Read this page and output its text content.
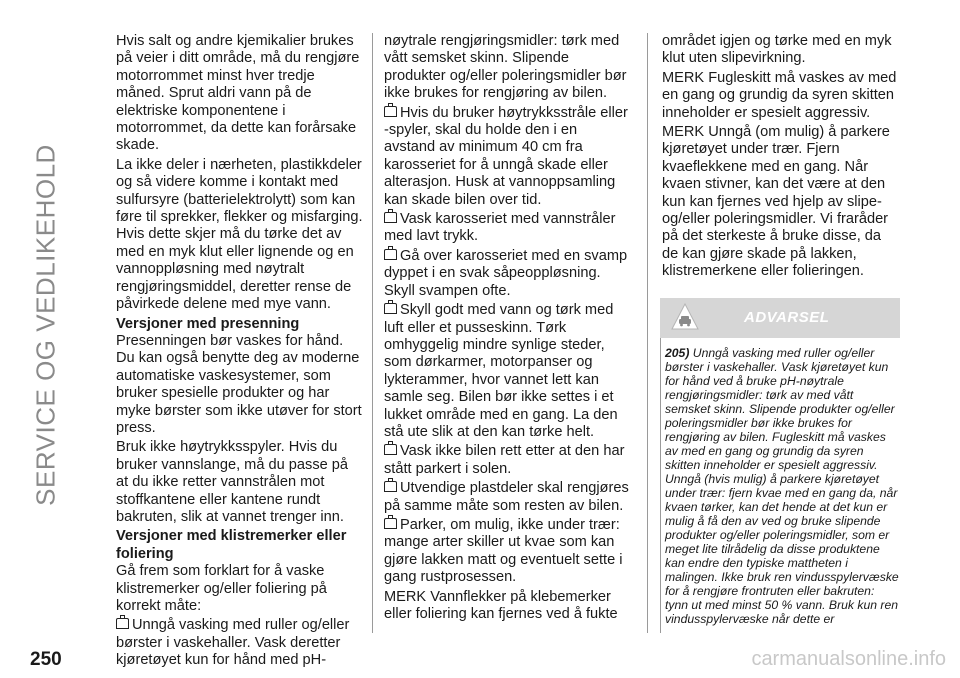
SERVICE OG VEDLIKEHOLD

Hvis salt og andre kjemikalier brukes på veier i ditt område, må du rengjøre motorrommet minst hver tredje måned. Sprut aldri vann på de elektriske komponentene i motorrommet, da dette kan forårsake skade.

La ikke deler i nærheten, plastikkdeler og så videre komme i kontakt med sulfursyre (batterielektrolytt) som kan føre til sprekker, flekker og misfarging. Hvis dette skjer må du tørke det av med en myk klut eller lignende og en vannoppløsning med nøytralt rengjøringsmiddel, deretter rense de påvirkede delene med mye vann.

Versjoner med presenning

Presenningen bør vaskes for hånd. Du kan også benytte deg av moderne automatiske vaskesystemer, som bruker spesielle produkter og har myke børster som ikke utøver for stort press.

Bruk ikke høytrykksspyler. Hvis du bruker vannslange, må du passe på at du ikke retter vannstrålen mot stoffkantene eller kantene rundt bakruten, slik at vannet trenger inn.

Versjoner med klistremerker eller foliering

Gå frem som forklart for å vaske klistremerker og/eller foliering på korrekt måte:

Unngå vasking med ruller og/eller børster i vaskehaller. Vask deretter kjøretøyet kun for hånd med pH-

nøytrale rengjøringsmidler: tørk med vått semsket skinn. Slipende produkter og/eller poleringsmidler bør ikke brukes for rengjøring av bilen.

Hvis du bruker høytrykksstråle eller -spyler, skal du holde den i en avstand av minimum 40 cm fra karosseriet for å unngå skade eller alterasjon. Husk at vannoppsamling kan skade bilen over tid.

Vask karosseriet med vannstråler med lavt trykk.

Gå over karosseriet med en svamp dyppet i en svak såpeoppløsning. Skyll svampen ofte.

Skyll godt med vann og tørk med luft eller et pusseskinn. Tørk omhyggelig mindre synlige steder, som dørkarmer, motorpanser og lykterammer, hvor vannet lett kan samle seg. Bilen bør ikke settes i et lukket område med en gang. La den stå ute slik at den kan tørke helt.

Vask ikke bilen rett etter at den har stått parkert i solen.

Utvendige plastdeler skal rengjøres på samme måte som resten av bilen.

Parker, om mulig, ikke under trær: mange arter skiller ut kvae som kan gjøre lakken matt og eventuelt sette i gang rustprosessen.

MERK Vannflekker på klebemerker eller foliering kan fjernes ved å fukte

området igjen og tørke med en myk klut uten slipevirkning.

MERK Fugleskitt må vaskes av med en gang og grundig da syren skitten inneholder er spesielt aggressiv.

MERK Unngå (om mulig) å parkere kjøretøyet under trær. Fjern kvaeflekkene med en gang. Når kvaen stivner, kan det være at den kun kan fjernes ved hjelp av slipe- og/eller poleringsmidler. Vi fraråder på det sterkeste å bruke disse, da de kan gjøre skade på lakken, klistremerkene eller folieringen.

ADVARSEL
205) Unngå vasking med ruller og/eller børster i vaskehaller. Vask kjøretøyet kun for hånd ved å bruke pH-nøytrale rengjøringsmidler: tørk av med vått semsket skinn. Slipende produkter og/eller poleringsmidler bør ikke brukes for rengjøring av bilen. Fugleskitt må vaskes av med en gang og grundig da syren skitten inneholder er spesielt aggressiv. Unngå (hvis mulig) å parkere kjøretøyet under trær: fjern kvae med en gang da, når kvaen tørker, kan det hende at det kun er mulig å få den av ved og bruke slipende produkter og/eller poleringsmidler, som er meget lite tilrådelig da disse produktene kan endre den typiske mattheten i malingen. Ikke bruk ren vindusspylervæske for å rengjøre frontruten eller bakruten: tynn ut med minst 50 % vann. Bruk kun ren vindusspylervæske når dette er
250	carmanualsonline.info
